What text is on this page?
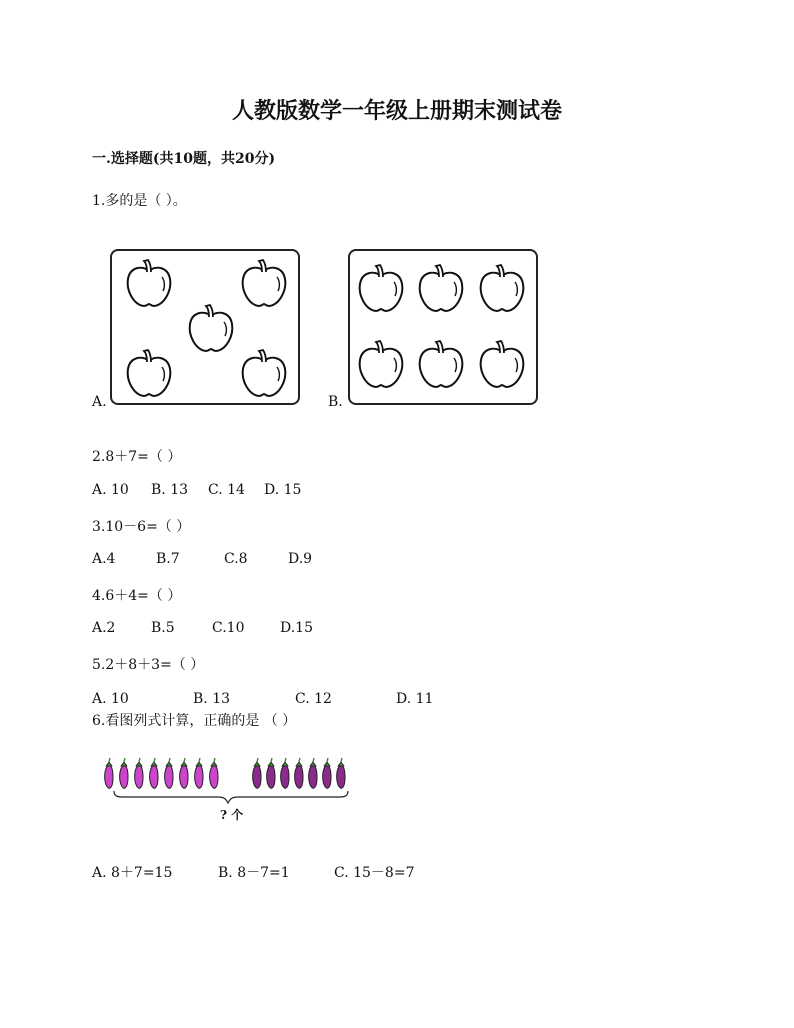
人教版数学一年级上册期末测试卷
一.选择题(共10题，共20分)
1.多的是（ ）。
A.	B.
2.8＋7=（ ）
A. 10 B. 13 C. 14 D. 15
3.10－6=（ ）
A.4	B.7	C.8	D.9
4.6＋4=（ ）
A.2	B.5	C.10	D.15
5.2＋8＋3=（ ）
A. 10	B. 13	C. 12	D. 11
6.看图列式计算，正确的是 （ ）
? 个
A. 8＋7=15	B. 8－7=1	C. 15－8=7
